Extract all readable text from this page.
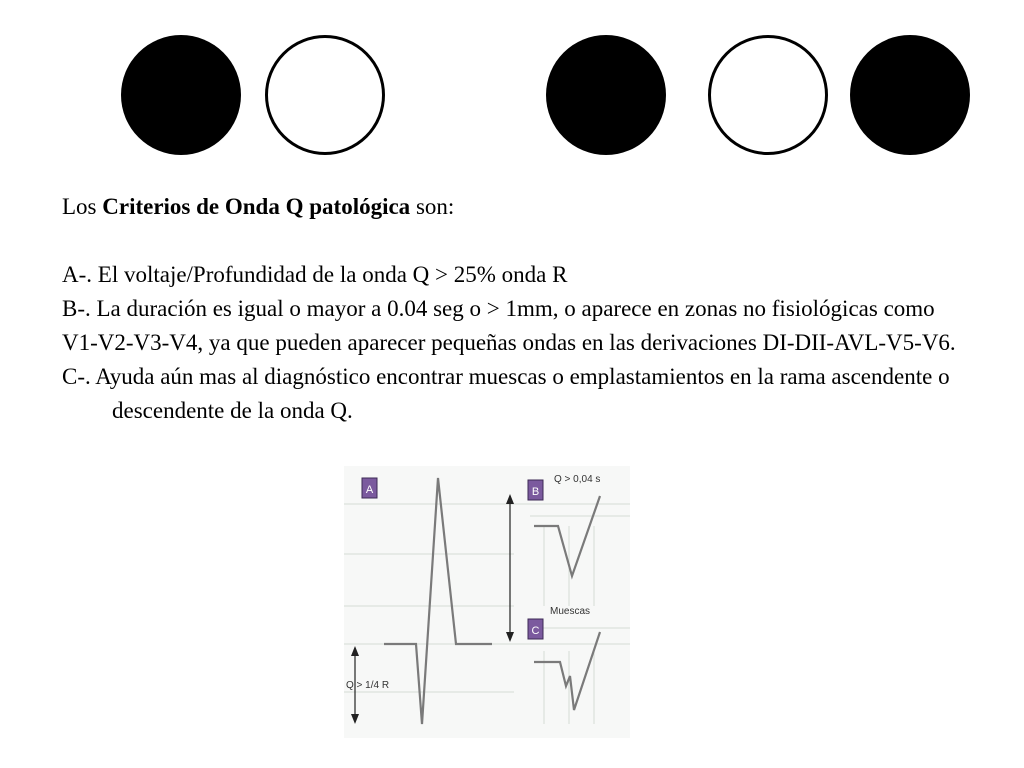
Los Criterios de Onda Q patológica son:

A-. El voltaje/Profundidad de la onda Q > 25% onda R

B-. La duración es igual o mayor a 0.04 seg o > 1mm, o aparece en zonas no fisiológicas como V1-V2-V3-V4, ya que pueden aparecer pequeñas ondas en las derivaciones DI-DII-AVL-V5-V6.

C-. Ayuda aún mas al diagnóstico encontrar muescas o emplastamientos en la rama ascendente o descendente de la onda Q.

A	B
C
Q > 0,04 s
Muescas
Q > 1/4 R
